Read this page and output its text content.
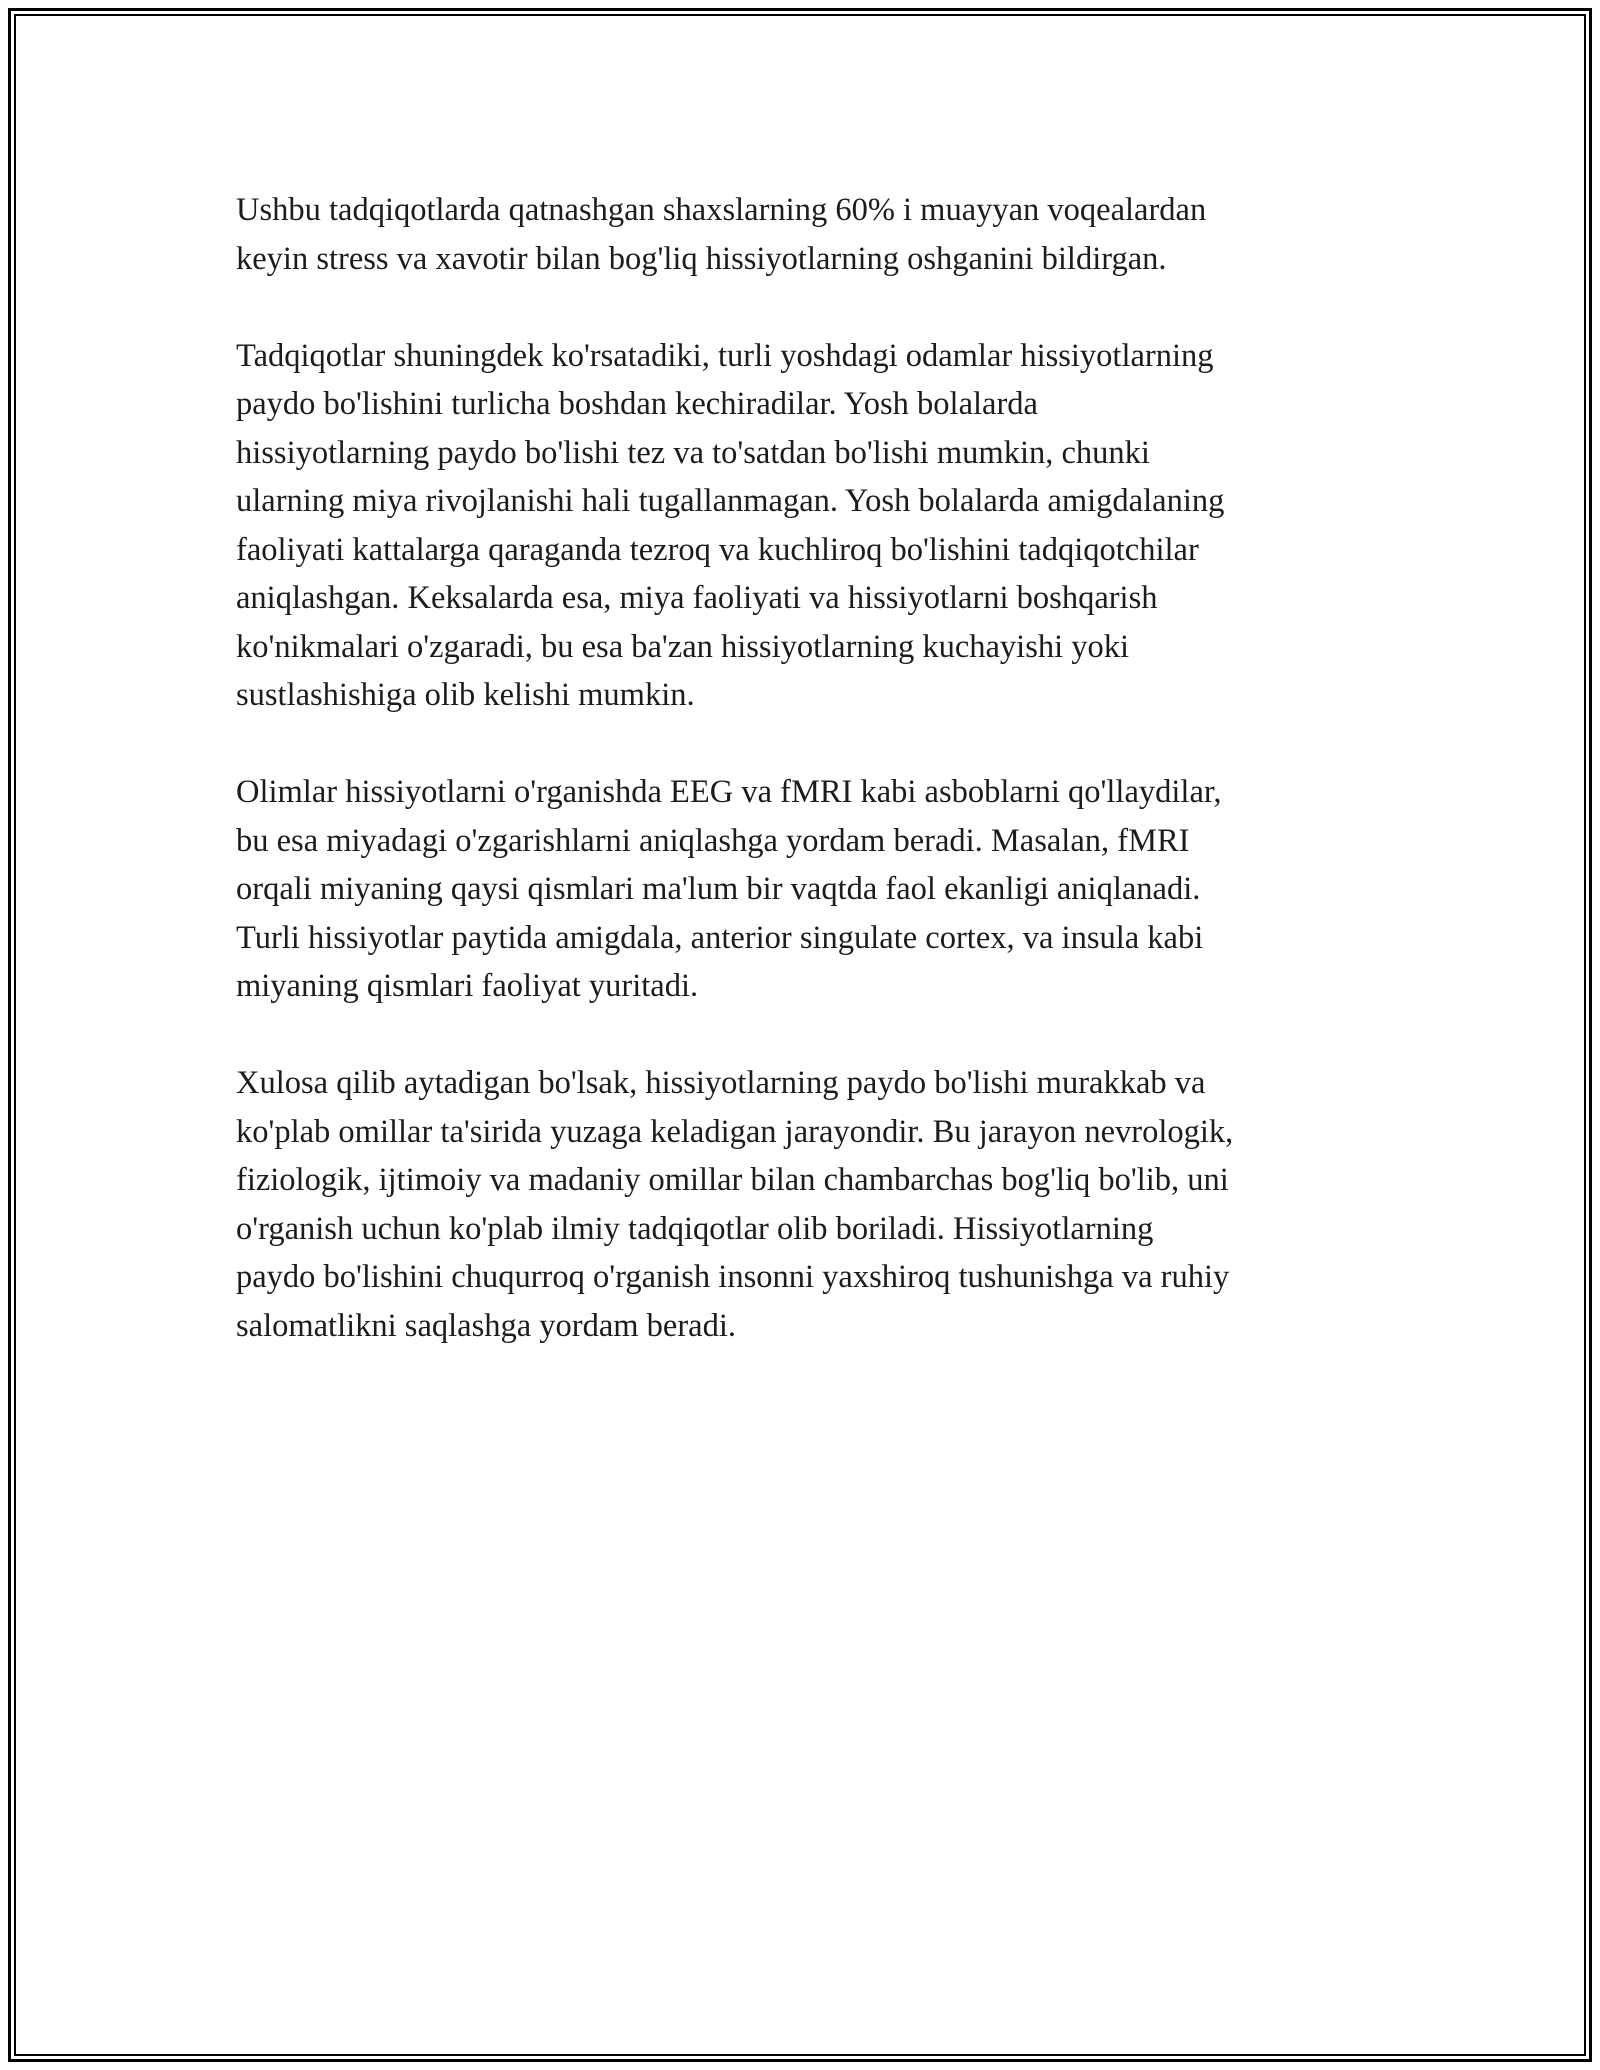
Ushbu tadqiqotlarda qatnashgan shaxslarning 60% i muayyan voqealardan
keyin stress va xavotir bilan bog'liq hissiyotlarning oshganini bildirgan.

Tadqiqotlar shuningdek ko'rsatadiki, turli yoshdagi odamlar hissiyotlarning
paydo bo'lishini turlicha boshdan kechiradilar. Yosh bolalarda
hissiyotlarning paydo bo'lishi tez va to'satdan bo'lishi mumkin, chunki
ularning miya rivojlanishi hali tugallanmagan. Yosh bolalarda amigdalaning
faoliyati kattalarga qaraganda tezroq va kuchliroq bo'lishini tadqiqotchilar
aniqlashgan. Keksalarda esa, miya faoliyati va hissiyotlarni boshqarish
ko'nikmalari o'zgaradi, bu esa ba'zan hissiyotlarning kuchayishi yoki
sustlashishiga olib kelishi mumkin.

Olimlar hissiyotlarni o'rganishda EEG va fMRI kabi asboblarni qo'llaydilar,
bu esa miyadagi o'zgarishlarni aniqlashga yordam beradi. Masalan, fMRI
orqali miyaning qaysi qismlari ma'lum bir vaqtda faol ekanligi aniqlanadi.
Turli hissiyotlar paytida amigdala, anterior singulate cortex, va insula kabi
miyaning qismlari faoliyat yuritadi.

Xulosa qilib aytadigan bo'lsak, hissiyotlarning paydo bo'lishi murakkab va
ko'plab omillar ta'sirida yuzaga keladigan jarayondir. Bu jarayon nevrologik,
fiziologik, ijtimoiy va madaniy omillar bilan chambarchas bog'liq bo'lib, uni
o'rganish uchun ko'plab ilmiy tadqiqotlar olib boriladi. Hissiyotlarning
paydo bo'lishini chuqurroq o'rganish insonni yaxshiroq tushunishga va ruhiy
salomatlikni saqlashga yordam beradi.
